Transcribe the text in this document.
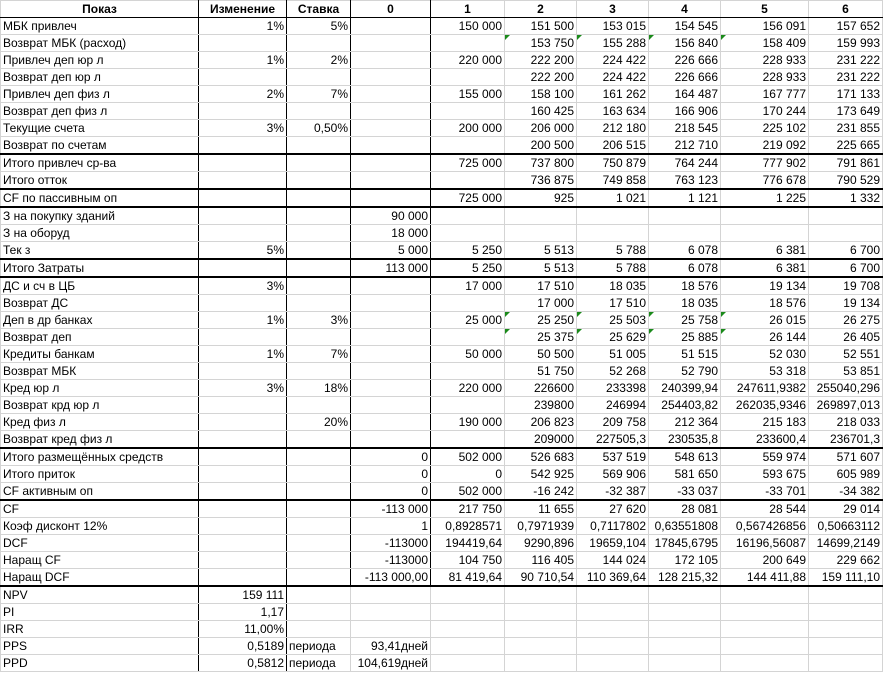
Показ	Изменение	Ставка	0	1	2	3	4	5	6
МБК привлеч	1%	5%		150 000	151 500	153 015	154 545	156 091	157 652
Возврат МБК (расход)					153 750	155 288	156 840	158 409	159 993
Привлеч деп юр л	1%	2%		220 000	222 200	224 422	226 666	228 933	231 222
Возврат деп юр л					222 200	224 422	226 666	228 933	231 222
Привлеч деп физ л	2%	7%		155 000	158 100	161 262	164 487	167 777	171 133
Возврат деп физ л					160 425	163 634	166 906	170 244	173 649
Текущие счета	3%	0,50%		200 000	206 000	212 180	218 545	225 102	231 855
Возврат по счетам					200 500	206 515	212 710	219 092	225 665
Итого привлеч ср-ва				725 000	737 800	750 879	764 244	777 902	791 861
Итого отток					736 875	749 858	763 123	776 678	790 529
CF по пассивным оп				725 000	925	1 021	1 121	1 225	1 332
З на покупку зданий			90 000						
З на оборуд			18 000						
Тек з	5%		5 000	5 250	5 513	5 788	6 078	6 381	6 700
Итого Затраты			113 000	5 250	5 513	5 788	6 078	6 381	6 700
ДС и сч в ЦБ	3%			17 000	17 510	18 035	18 576	19 134	19 708
Возврат ДС					17 000	17 510	18 035	18 576	19 134
Деп в др банках	1%	3%		25 000	25 250	25 503	25 758	26 015	26 275
Возврат деп					25 375	25 629	25 885	26 144	26 405
Кредиты банкам	1%	7%		50 000	50 500	51 005	51 515	52 030	52 551
Возврат МБК					51 750	52 268	52 790	53 318	53 851
Кред юр л	3%	18%		220 000	226600	233398	240399,94	247611,9382	255040,296
Возврат крд юр л					239800	246994	254403,82	262035,9346	269897,013
Кред физ л		20%		190 000	206 823	209 758	212 364	215 183	218 033
Возврат кред физ л					209000	227505,3	230535,8	233600,4	236701,3
Итого размещённых средств			0	502 000	526 683	537 519	548 613	559 974	571 607
Итого приток			0	0	542 925	569 906	581 650	593 675	605 989
CF активным оп			0	502 000	-16 242	-32 387	-33 037	-33 701	-34 382
CF			-113 000	217 750	11 655	27 620	28 081	28 544	29 014
Коэф дисконт 12%			1	0,8928571	0,7971939	0,7117802	0,63551808	0,567426856	0,50663112
DCF			-113000	194419,64	9290,896	19659,104	17845,6795	16196,56087	14699,2149
Наращ CF			-113000	104 750	116 405	144 024	172 105	200 649	229 662
Наращ DCF			-113 000,00	81 419,64	90 710,54	110 369,64	128 215,32	144 411,88	159 111,10
NPV	159 111								
PI	1,17								
IRR	11,00%								
PPS	0,5189	периода	93,41дней						
PPD	0,5812	периода	104,619дней						
